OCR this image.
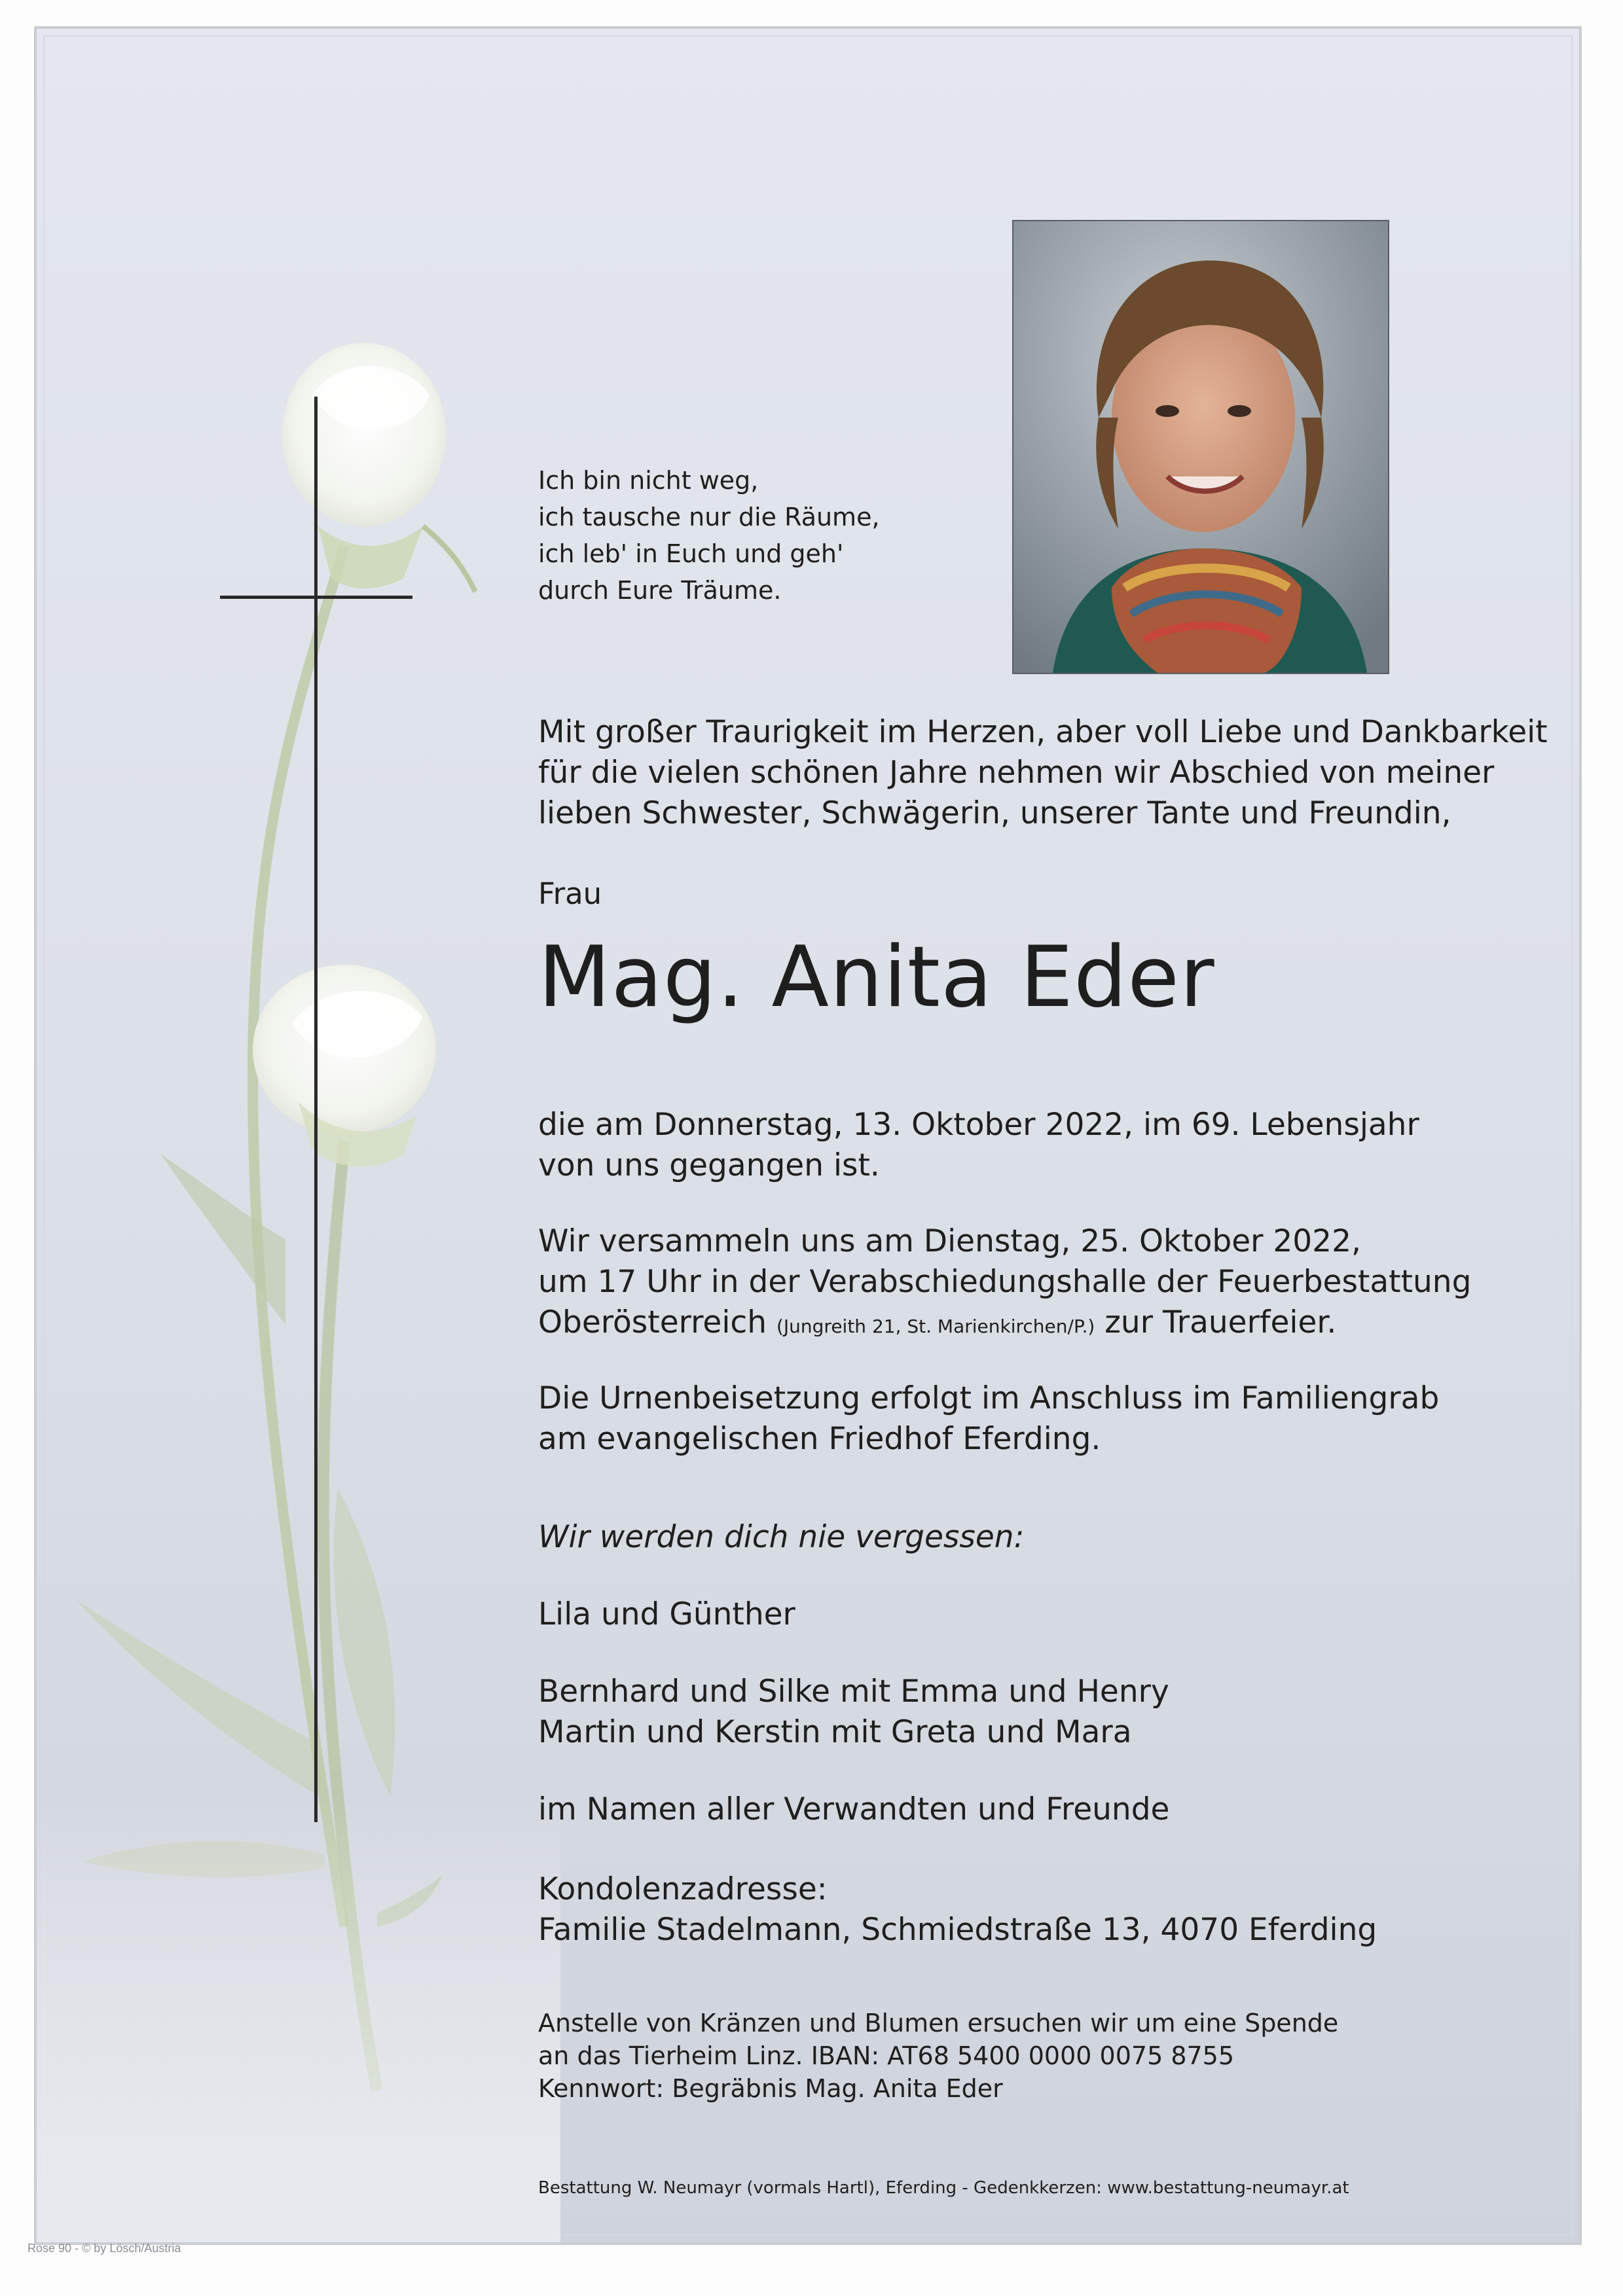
Ich bin nicht weg,
ich tausche nur die Räume,
ich leb' in Euch und geh'
durch Eure Träume.
Mit großer Traurigkeit im Herzen, aber voll Liebe und Dankbarkeit
für die vielen schönen Jahre nehmen wir Abschied von meiner
lieben Schwester, Schwägerin, unserer Tante und Freundin,
Frau
Mag. Anita Eder
die am Donnerstag, 13. Oktober 2022, im 69. Lebensjahr
von uns gegangen ist.
Wir versammeln uns am Dienstag, 25. Oktober 2022,
um 17 Uhr in der Verabschiedungshalle der Feuerbestattung
Oberösterreich (Jungreith 21, St. Marienkirchen/P.) zur Trauerfeier.
Die Urnenbeisetzung erfolgt im Anschluss im Familiengrab
am evangelischen Friedhof Eferding.
Wir werden dich nie vergessen:
Lila und Günther
Bernhard und Silke mit Emma und Henry
Martin und Kerstin mit Greta und Mara
im Namen aller Verwandten und Freunde
Kondolenzadresse:
Familie Stadelmann, Schmiedstraße 13, 4070 Eferding
Anstelle von Kränzen und Blumen ersuchen wir um eine Spende
an das Tierheim Linz. IBAN: AT68 5400 0000 0075 8755
Kennwort: Begräbnis Mag. Anita Eder
Bestattung W. Neumayr (vormals Hartl), Eferding - Gedenkkerzen: www.bestattung-neumayr.at
Rose 90 - © by Lösch/Austria
